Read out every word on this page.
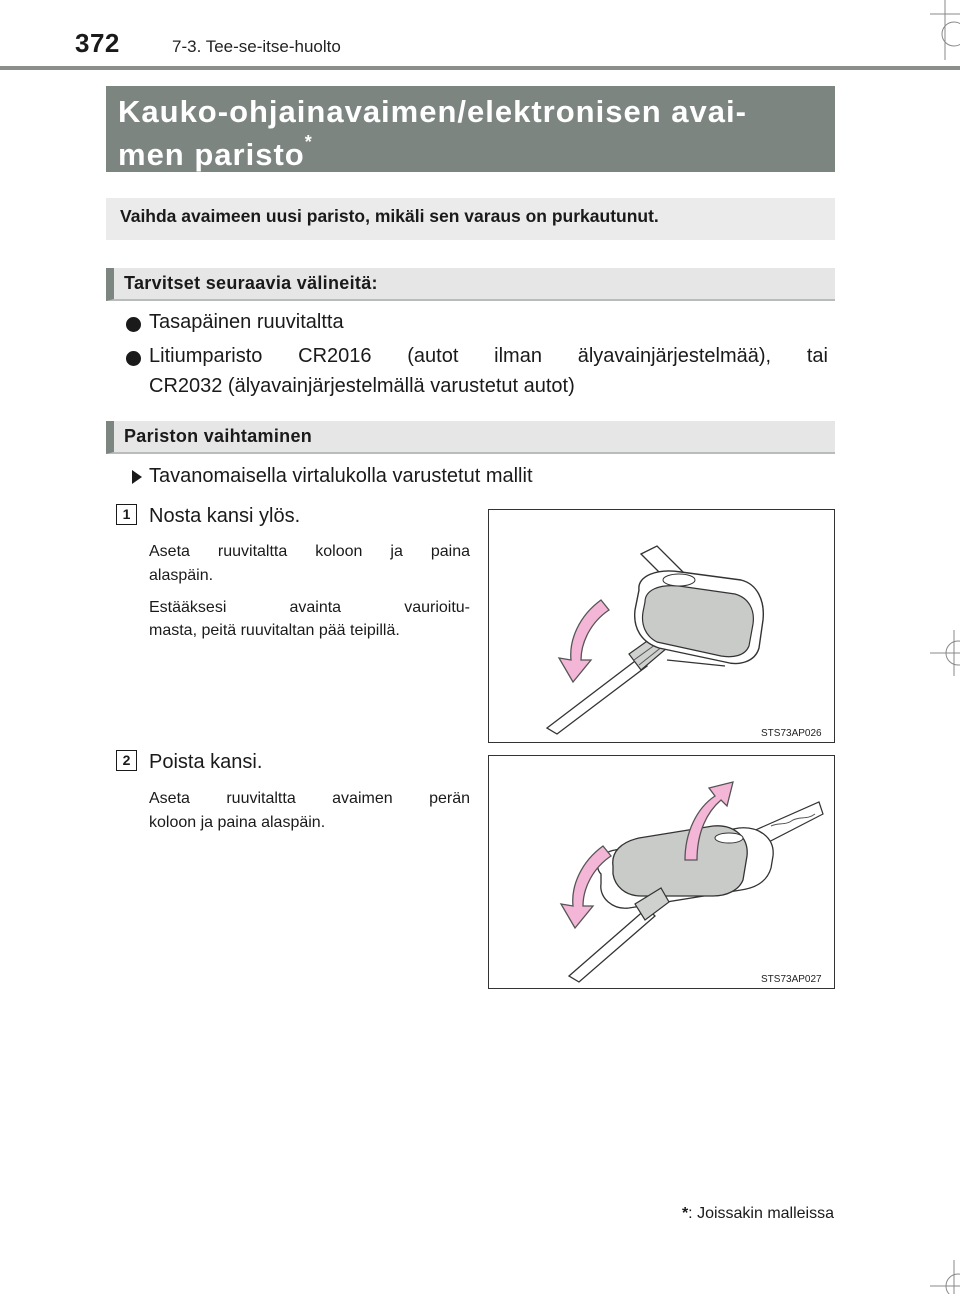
372	7-3. Tee-se-itse-huolto
Kauko-ohjainavaimen/elektronisen avai-
men paristo*
Vaihda avaimeen uusi paristo, mikäli sen varaus on purkautunut.
Tarvitset seuraavia välineitä:
Tasapäinen ruuvitaltta
Litiumparisto CR2016 (autot ilman älyavainjärjestelmää), tai
CR2032 (älyavainjärjestelmällä varustetut autot)
Pariston vaihtaminen
Tavanomaisella virtalukolla varustetut mallit
1 Nosta kansi ylös.
Aseta ruuvitaltta koloon ja paina
alaspäin.
Estääksesi avainta vaurioitu-
masta, peitä ruuvitaltan pää teipillä.
STS73AP026
2 Poista kansi.
Aseta ruuvitaltta avaimen perän
koloon ja paina alaspäin.
STS73AP027
*: Joissakin malleissa
